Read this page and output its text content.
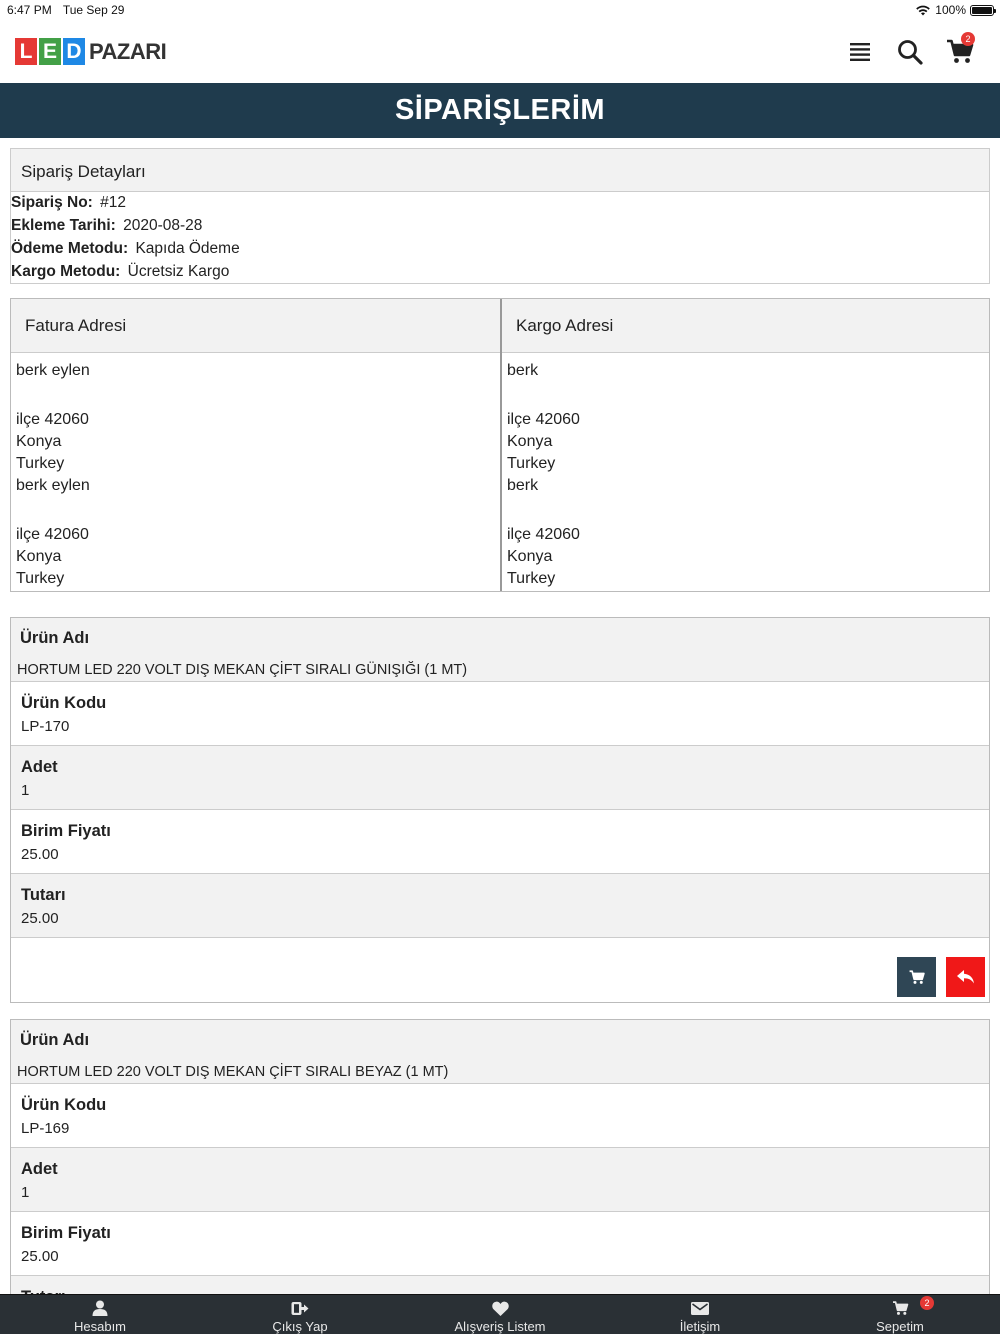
6:47 PM Tue Sep 29	100%
L E D PAZARI	2
SİPARİŞLERİM
Sipariş Detayları
Sipariş No: #12
Ekleme Tarihi: 2020-08-28
Ödeme Metodu: Kapıda Ödeme
Kargo Metodu: Ücretsiz Kargo
Fatura Adresi
berk eylen
ilçe 42060
Konya
Turkey
berk eylen
ilçe 42060
Konya
Turkey
Kargo Adresi
berk
ilçe 42060
Konya
Turkey
berk
ilçe 42060
Konya
Turkey
Ürün Adı
HORTUM LED 220 VOLT DIŞ MEKAN ÇİFT SIRALI GÜNIŞIĞI (1 MT)
Ürün Kodu
LP-170
Adet
1
Birim Fiyatı
25.00
Tutarı
25.00
Ürün Adı
HORTUM LED 220 VOLT DIŞ MEKAN ÇİFT SIRALI BEYAZ (1 MT)
Ürün Kodu
LP-169
Adet
1
Birim Fiyatı
25.00
Hesabım	Çıkış Yap	Alışveriş Listem	İletişim	Sepetim
2
